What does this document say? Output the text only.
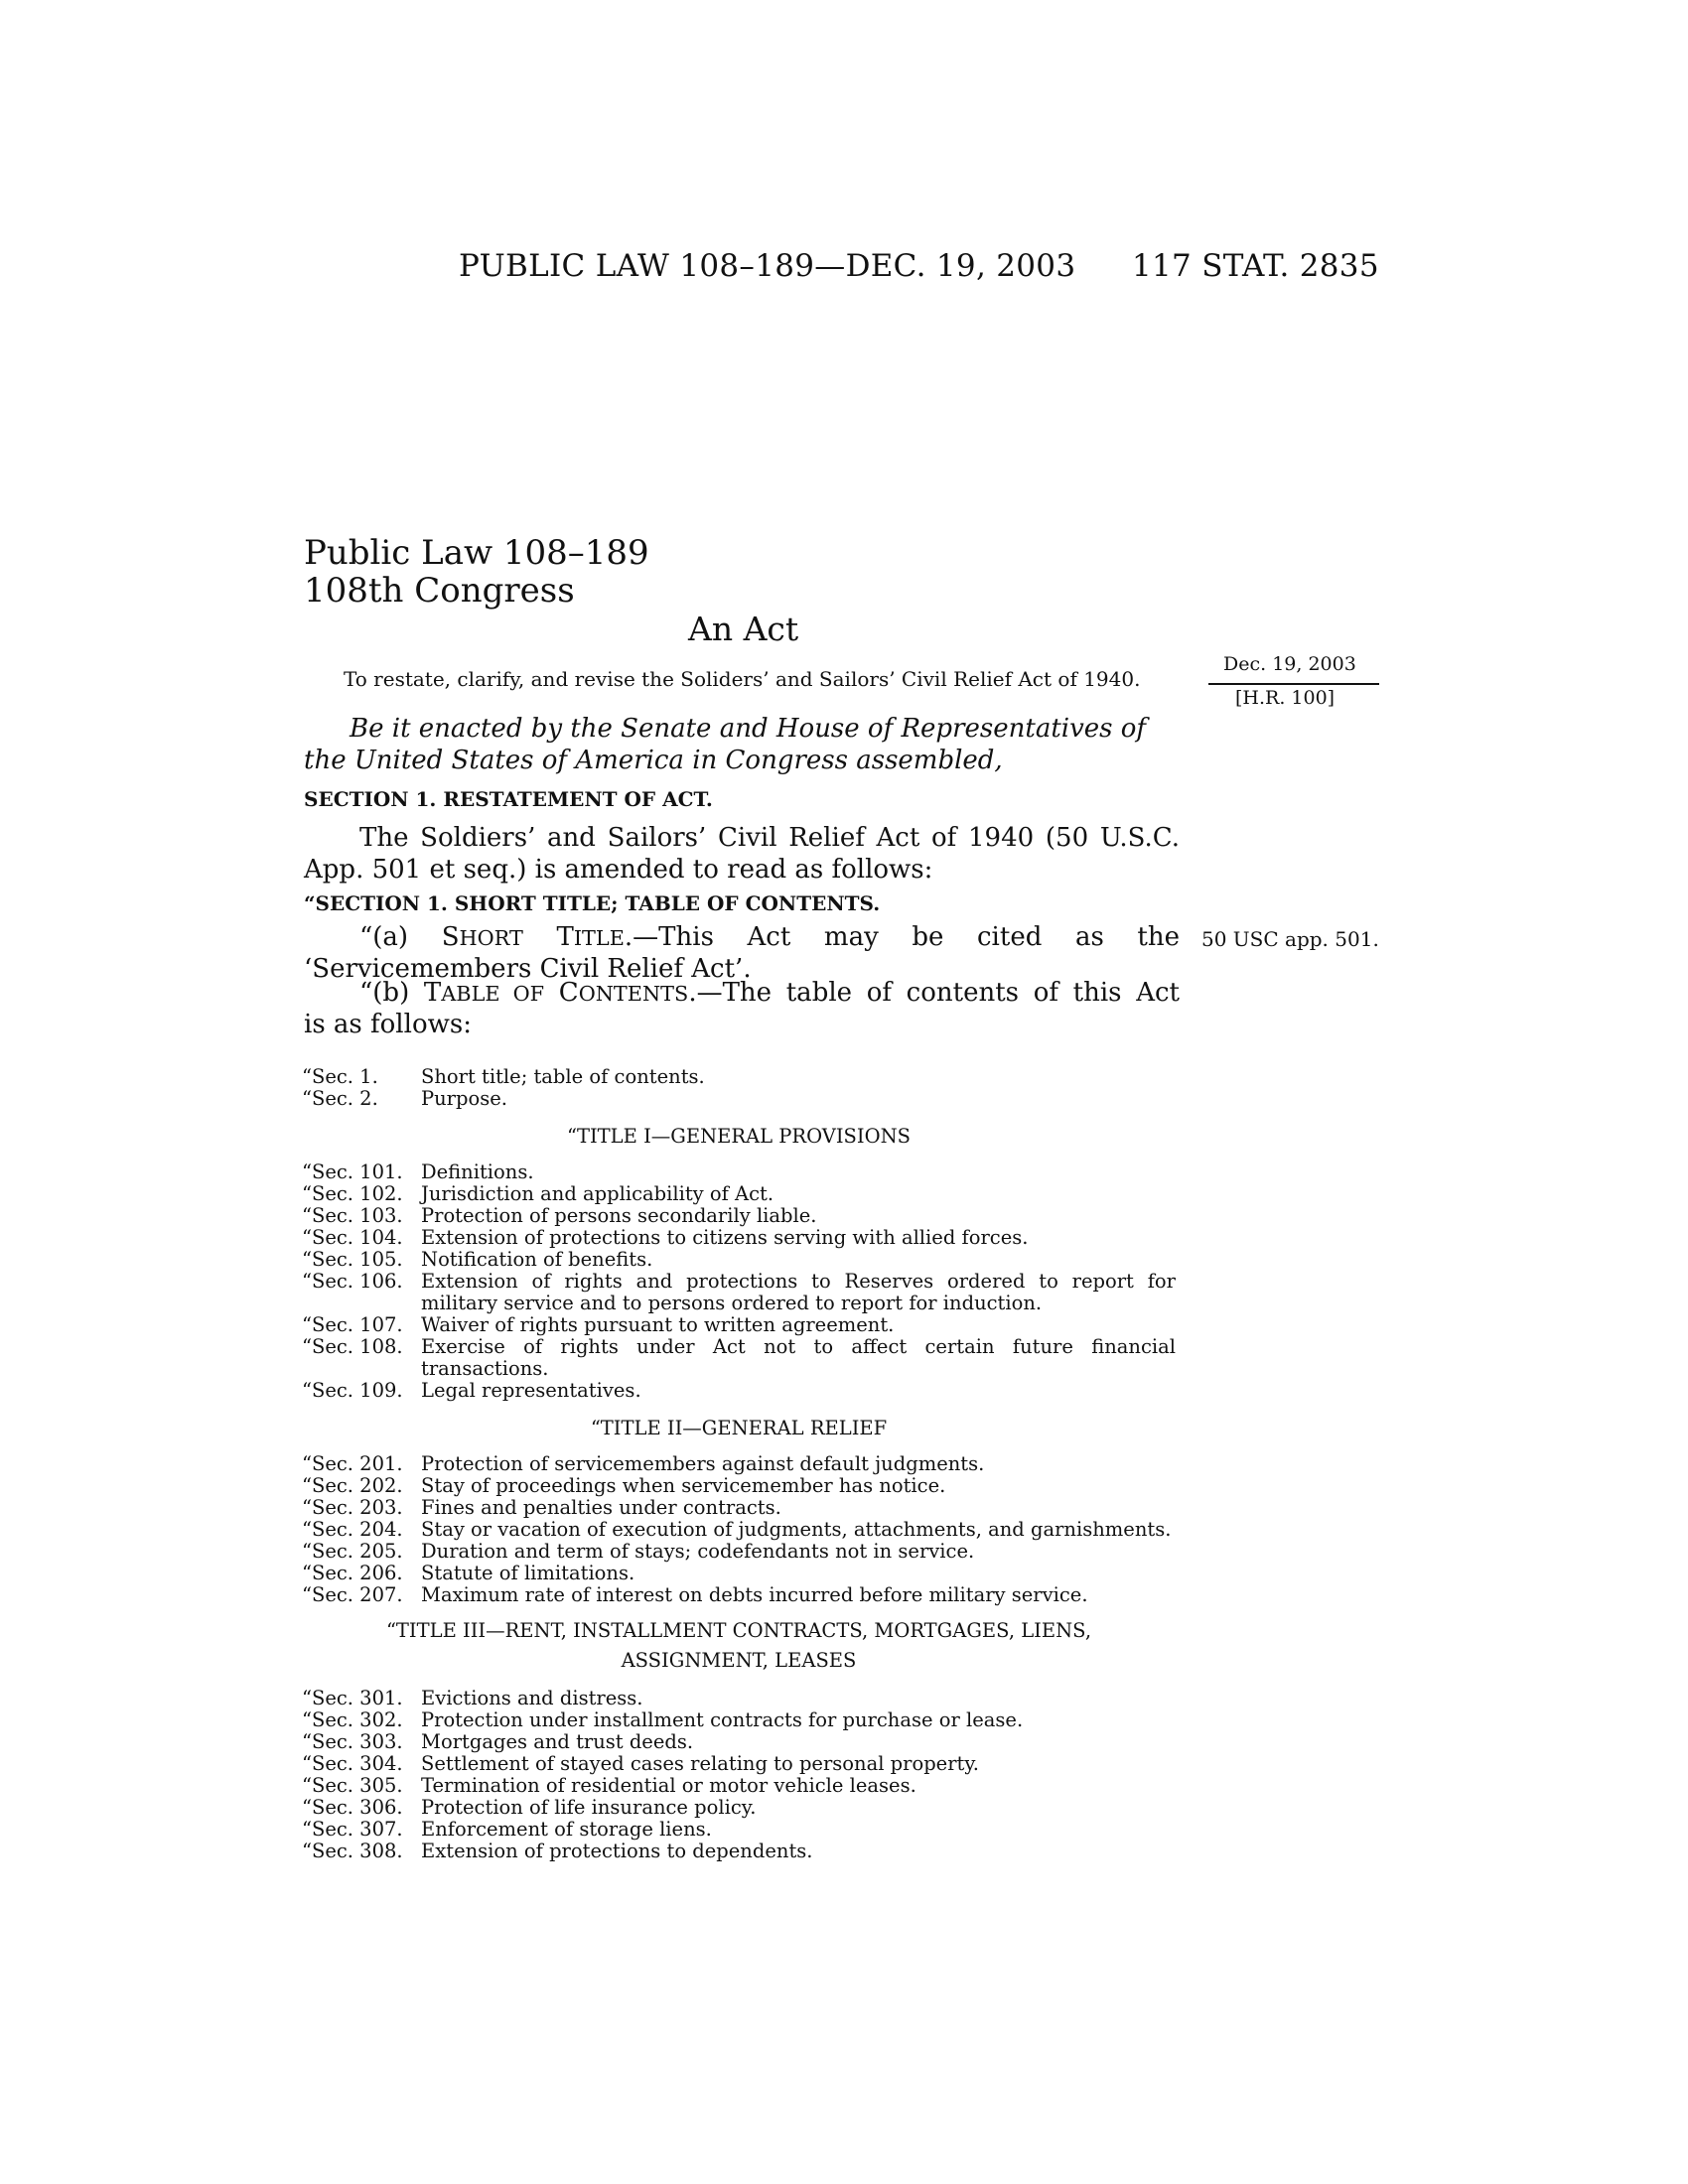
PUBLIC LAW 108–189—DEC. 19, 2003 117 STAT. 2835
Public Law 108–189
108th Congress
An Act
To restate, clarify, and revise the Soliders’ and Sailors’ Civil Relief Act of 1940.
Dec. 19, 2003
[H.R. 100]
50 USC app. 501.
Be it enacted by the Senate and House of Representatives of
the United States of America in Congress assembled,
SECTION 1. RESTATEMENT OF ACT.
The Soldiers’ and Sailors’ Civil Relief Act of 1940 (50 U.S.C.
App. 501 et seq.) is amended to read as follows:
“SECTION 1. SHORT TITLE; TABLE OF CONTENTS.
“(a) SHORT TITLE.—This Act may be cited as the
‘Servicemembers Civil Relief Act’.
“(b) TABLE OF CONTENTS.—The table of contents of this Act
is as follows:
“Sec. 1.	Short title; table of contents.
“Sec. 2.	Purpose.
“TITLE I—GENERAL PROVISIONS
“Sec. 101. Definitions.
“Sec. 102. Jurisdiction and applicability of Act.
“Sec. 103. Protection of persons secondarily liable.
“Sec. 104. Extension of protections to citizens serving with allied forces.
“Sec. 105. Notification of benefits.
“Sec. 106. Extension of rights and protections to Reserves ordered to report for military service and to persons ordered to report for induction.
“Sec. 107. Waiver of rights pursuant to written agreement.
“Sec. 108. Exercise of rights under Act not to affect certain future financial transactions.
“Sec. 109. Legal representatives.
“TITLE II—GENERAL RELIEF
“Sec. 201. Protection of servicemembers against default judgments.
“Sec. 202. Stay of proceedings when servicemember has notice.
“Sec. 203. Fines and penalties under contracts.
“Sec. 204. Stay or vacation of execution of judgments, attachments, and garnishments.
“Sec. 205. Duration and term of stays; codefendants not in service.
“Sec. 206. Statute of limitations.
“Sec. 207. Maximum rate of interest on debts incurred before military service.
“TITLE III—RENT, INSTALLMENT CONTRACTS, MORTGAGES, LIENS,
ASSIGNMENT, LEASES
“Sec. 301. Evictions and distress.
“Sec. 302. Protection under installment contracts for purchase or lease.
“Sec. 303. Mortgages and trust deeds.
“Sec. 304. Settlement of stayed cases relating to personal property.
“Sec. 305. Termination of residential or motor vehicle leases.
“Sec. 306. Protection of life insurance policy.
“Sec. 307. Enforcement of storage liens.
“Sec. 308. Extension of protections to dependents.
